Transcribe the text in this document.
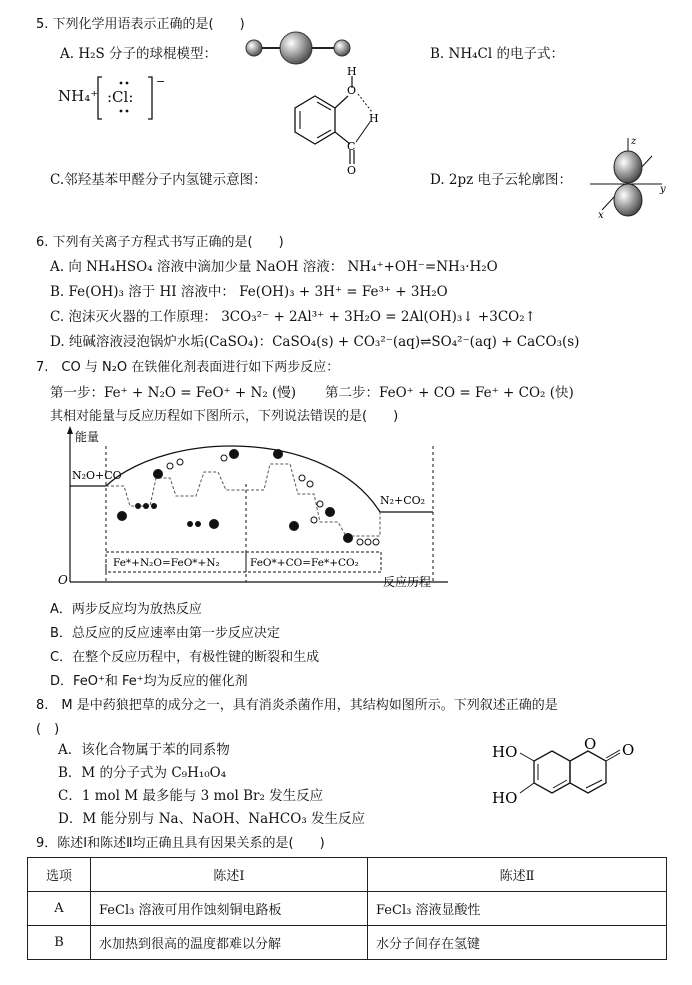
5. 下列化学用语表示正确的是(　　)
A. H₂S 分子的球棍模型：	B. NH₄Cl 的电子式：
NH₄⁺
−
:Cl:
H
O
H
C
O
C.邻羟基苯甲醛分子内氢键示意图：	D. 2pz 电子云轮廓图：
z
y
x
6. 下列有关离子方程式书写正确的是(　　)
A. 向 NH₄HSO₄ 溶液中滴加少量 NaOH 溶液： NH₄⁺+OH⁻=NH₃·H₂O
B. Fe(OH)₃ 溶于 HI 溶液中： Fe(OH)₃ + 3H⁺ = Fe³⁺ + 3H₂O
C. 泡沫灭火器的工作原理： 3CO₃²⁻ + 2Al³⁺ + 3H₂O = 2Al(OH)₃↓ +3CO₂↑
D. 纯碱溶液浸泡锅炉水垢(CaSO₄)：CaSO₄(s) + CO₃²⁻(aq)⇌SO₄²⁻(aq) + CaCO₃(s)
7.　CO 与 N₂O 在铁催化剂表面进行如下两步反应：
第一步：Fe⁺ + N₂O = FeO⁺ + N₂ (慢) 第二步：FeO⁺ + CO = Fe⁺ + CO₂ (快)
其相对能量与反应历程如下图所示，下列说法错误的是(　　)
能量
O	反应历程
N₂O+CO
N₂+CO₂
Fe*+N₂O=FeO*+N₂	FeO*+CO=Fe*+CO₂
A．两步反应均为放热反应
B．总反应的反应速率由第一步反应决定
C．在整个反应历程中，有极性键的断裂和生成
D．FeO⁺和 Fe⁺均为反应的催化剂
8.　M 是中药狼把草的成分之一，具有消炎杀菌作用，其结构如图所示。下列叙述正确的是
(　)
A．该化合物属于苯的同系物
B．M 的分子式为 C₉H₁₀O₄
C．1 mol M 最多能与 3 mol Br₂ 发生反应
D．M 能分别与 Na、NaOH、NaHCO₃ 发生反应
HO
HO
O O
9．陈述Ⅰ和陈述Ⅱ均正确且具有因果关系的是(　　)
选项	陈述Ⅰ	陈述Ⅱ
A	FeCl₃ 溶液可用作蚀刻铜电路板	FeCl₃ 溶液显酸性
B	水加热到很高的温度都难以分解	水分子间存在氢键
